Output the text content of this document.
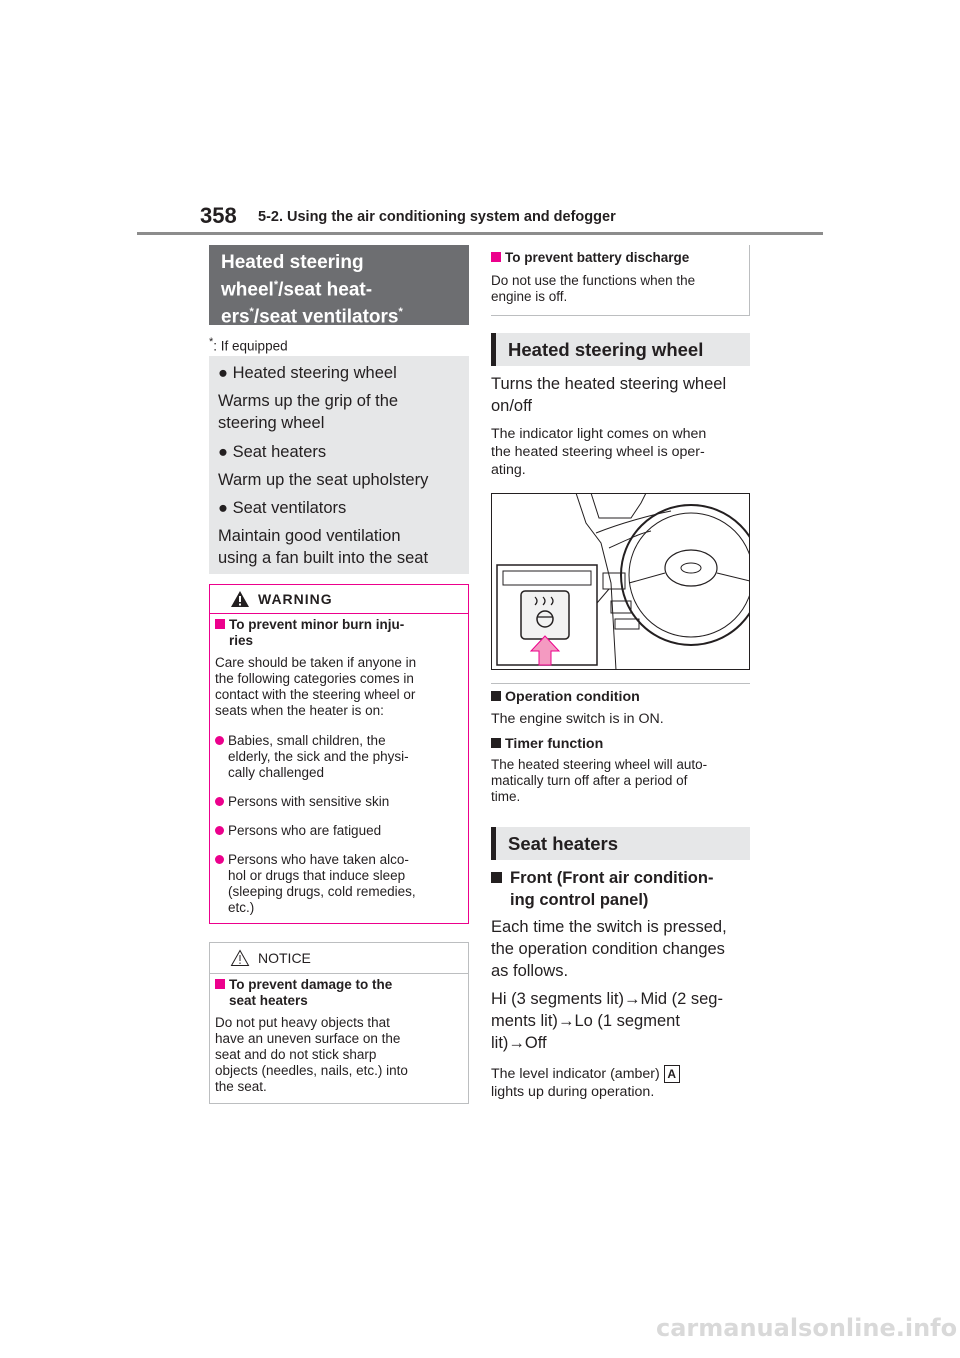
358 5-2. Using the air conditioning system and defogger
Heated steering
wheel*/seat heat-
ers*/seat ventilators*
*: If equipped
● Heated steering wheel
Warms up the grip of the
steering wheel
● Seat heaters
Warm up the seat upholstery
● Seat ventilators
Maintain good ventilation
using a fan built into the seat
WARNING
To prevent minor burn inju-
ries
Care should be taken if anyone in
the following categories comes in
contact with the steering wheel or
seats when the heater is on:
Babies, small children, the
elderly, the sick and the physi-
cally challenged
Persons with sensitive skin
Persons who are fatigued
Persons who have taken alco-
hol or drugs that induce sleep
(sleeping drugs, cold remedies,
etc.)
NOTICE
To prevent damage to the
seat heaters
Do not put heavy objects that
have an uneven surface on the
seat and do not stick sharp
objects (needles, nails, etc.) into
the seat.
To prevent battery discharge
Do not use the functions when the
engine is off.
Heated steering wheel
Turns the heated steering wheel
on/off
The indicator light comes on when
the heated steering wheel is oper-
ating.
Operation condition
The engine switch is in ON.
Timer function
The heated steering wheel will auto-
matically turn off after a period of
time.
Seat heaters
Front (Front air condition-
ing control panel)
Each time the switch is pressed,
the operation condition changes
as follows.
Hi (3 segments lit)→Mid (2 seg-
ments lit)→Lo (1 segment
lit)→Off
The level indicator (amber) A
lights up during operation.
carmanualsonline.info
